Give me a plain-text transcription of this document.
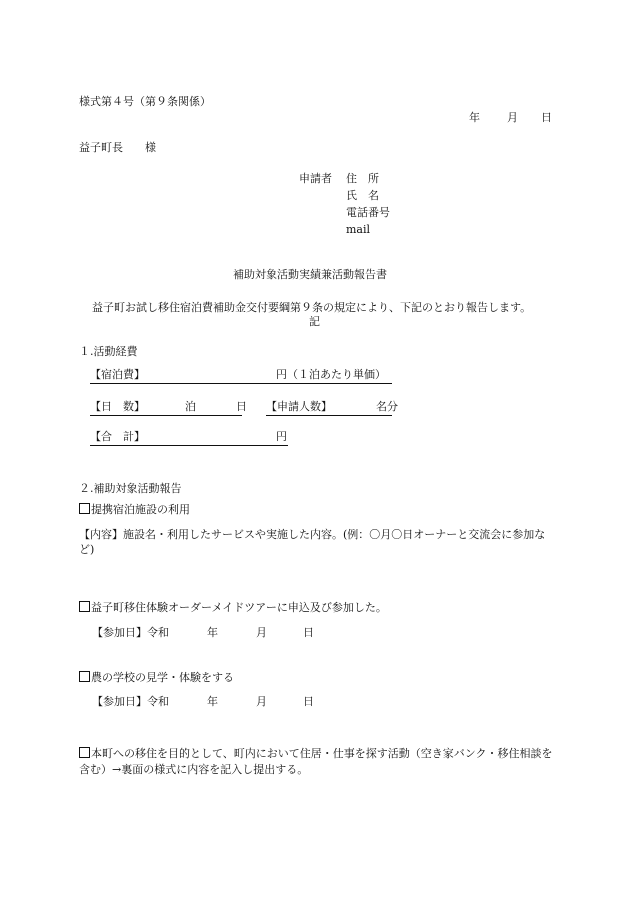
様式第４号（第９条関係）
年 月 日
益子町長　　様
申請者 住　所
氏　名
電話番号
mail
補助対象活動実績兼活動報告書
益子町お試し移住宿泊費補助金交付要綱第９条の規定により、下記のとおり報告します。
記
１.活動経費
【宿泊費】	円（１泊あたり単価）
【日　数】	泊	日 【申請人数】	名分
【合　計】	円
２.補助対象活動報告
提携宿泊施設の利用
【内容】施設名・利用したサービスや実施した内容。(例：〇月〇日オーナーと交流会に参加など)
益子町移住体験オーダーメイドツアーに申込及び参加した。
【参加日】令和	年	月	日
農の学校の見学・体験をする
【参加日】令和	年	月	日
本町への移住を目的として、町内において住居・仕事を探す活動（空き家バンク・移住相談を含む）→裏面の様式に内容を記入し提出する。
